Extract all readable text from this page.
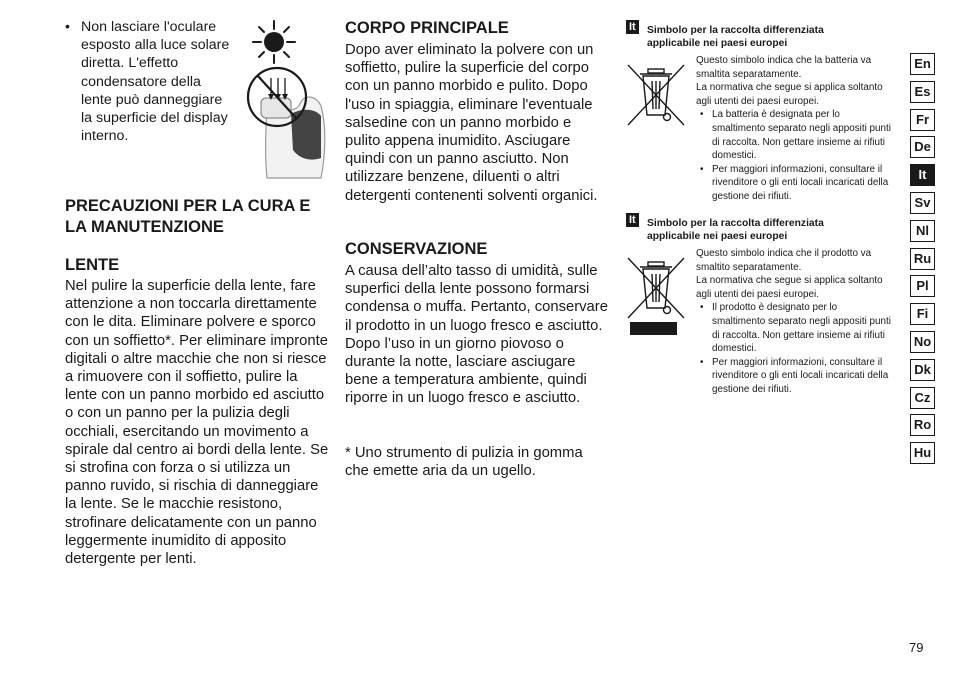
• Non lasciare l'oculare esposto alla luce solare diretta. L'effetto condensatore della lente può danneggiare la superficie del display interno.
PRECAUZIONI PER LA CURA E LA MANUTENZIONE
LENTE
Nel pulire la superficie della lente, fare attenzione a non toccarla direttamente con le dita. Eliminare polvere e sporco con un soffietto*. Per eliminare impronte digitali o altre macchie che non si riesce a rimuovere con il soffietto, pulire la lente con un panno morbido ed asciutto o con un panno per la pulizia degli occhiali, esercitando un movimento a spirale dal centro ai bordi della lente. Se si strofina con forza o si utilizza un panno ruvido, si rischia di danneggiare la lente. Se le macchie resistono, strofinare delicatamente con un panno leggermente inumidito di apposito detergente per lenti.
CORPO PRINCIPALE
Dopo aver eliminato la polvere con un soffietto, pulire la superficie del corpo con un panno morbido e pulito. Dopo l'uso in spiaggia, eliminare l'eventuale salsedine con un panno morbido e pulito appena inumidito. Asciugare quindi con un panno asciutto. Non utilizzare benzene, diluenti o altri detergenti contenenti solventi organici.
CONSERVAZIONE
A causa dell’alto tasso di umidità, sulle superfici della lente possono formarsi condensa o muffa. Pertanto, conservare il prodotto in un luogo fresco e asciutto. Dopo l’uso in un giorno piovoso o durante la notte, lasciare asciugare bene a temperatura ambiente, quindi riporre in un luogo fresco e asciutto.
* Uno strumento di pulizia in gomma che emette aria da un ugello.
It Simbolo per la raccolta differenziata applicabile nei paesi europei
Questo simbolo indica che la batteria va smaltita separatamente.
La normativa che segue si applica soltanto agli utenti dei paesi europei.
• La batteria è designata per lo smaltimento separato negli appositi punti di raccolta. Non gettare insieme ai rifiuti domestici.
• Per maggiori informazioni, consultare il rivenditore o gli enti locali incaricati della gestione dei rifiuti.
It Simbolo per la raccolta differenziata applicabile nei paesi europei
Questo simbolo indica che il prodotto va smaltito separatamente.
La normativa che segue si applica soltanto agli utenti dei paesi europei.
• Il prodotto è designato per lo smaltimento separato negli appositi punti di raccolta. Non gettare insieme ai rifiuti domestici.
• Per maggiori informazioni, consultare il rivenditore o gli enti locali incaricati della gestione dei rifiuti.
En
Es
Fr
De
It
Sv
Nl
Ru
Pl
Fi
No
Dk
Cz
Ro
Hu
79
